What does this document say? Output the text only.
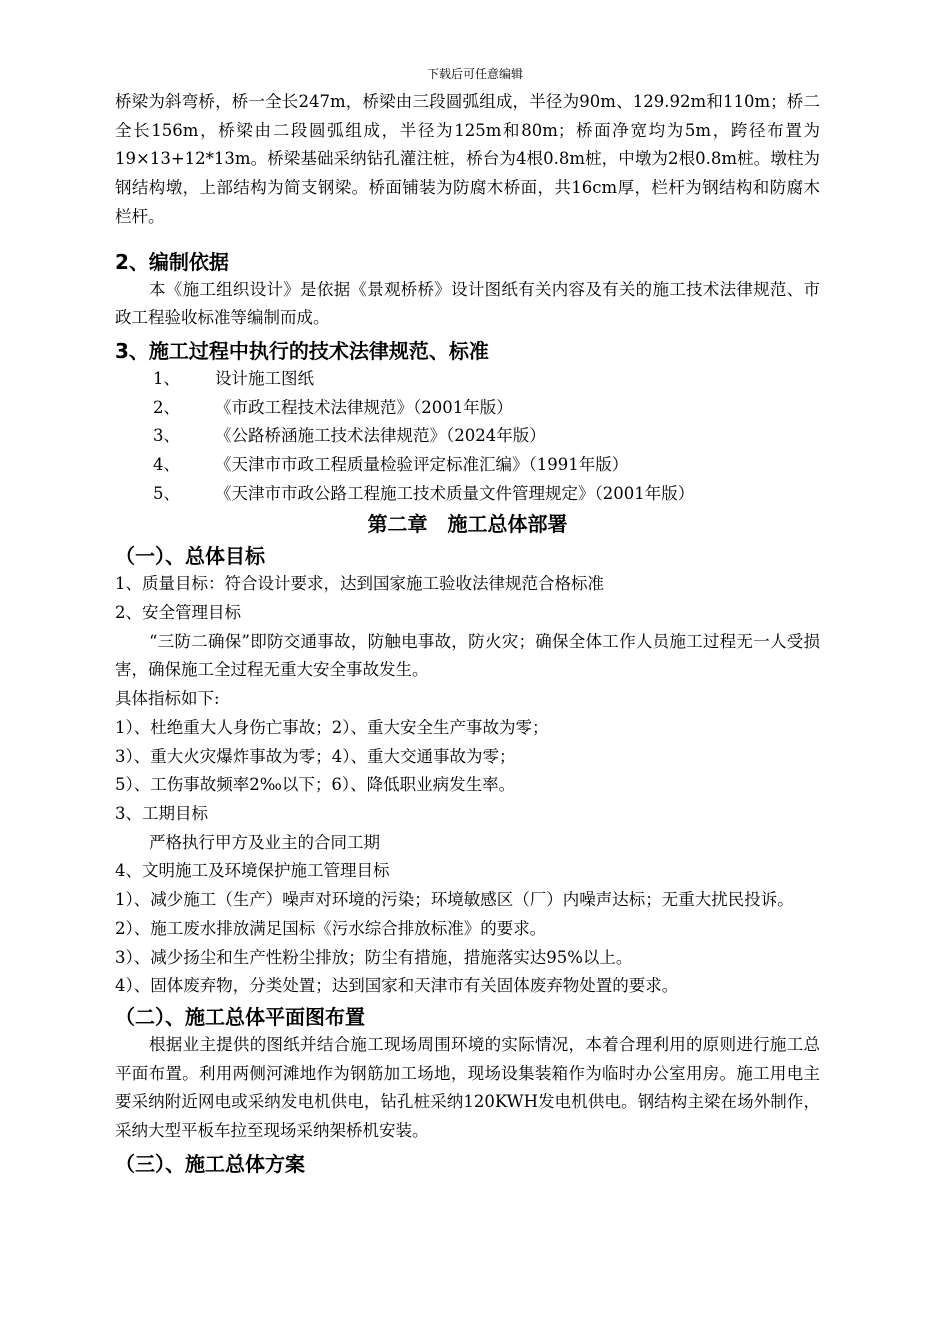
下载后可任意编辑

桥梁为斜弯桥，桥一全长247m，桥梁由三段圆弧组成，半径为90m、129.92m和110m；桥二全长156m，桥梁由二段圆弧组成，半径为125m和80m；桥面净宽均为5m，跨径布置为19×13+12*13m。桥梁基础采纳钻孔灌注桩，桥台为4根0.8m桩，中墩为2根0.8m桩。墩柱为钢结构墩，上部结构为简支钢梁。桥面铺装为防腐木桥面，共16cm厚，栏杆为钢结构和防腐木栏杆。

2、编制依据

本《施工组织设计》是依据《景观桥桥》设计图纸有关内容及有关的施工技术法律规范、市政工程验收标准等编制而成。

3、施工过程中执行的技术法律规范、标准

1、 设计施工图纸
2、 《市政工程技术法律规范》（2001年版）
3、 《公路桥涵施工技术法律规范》（2024年版）
4、 《天津市市政工程质量检验评定标准汇编》（1991年版）
5、 《天津市市政公路工程施工技术质量文件管理规定》（2001年版）

第二章　施工总体部署

（一）、总体目标

1、质量目标：符合设计要求，达到国家施工验收法律规范合格标准

2、安全管理目标

“三防二确保”即防交通事故，防触电事故，防火灾；确保全体工作人员施工过程无一人受损害，确保施工全过程无重大安全事故发生。

具体指标如下:

1）、杜绝重大人身伤亡事故；2）、重大安全生产事故为零；

3）、重大火灾爆炸事故为零；4）、重大交通事故为零；

5）、工伤事故频率2‰以下；6）、降低职业病发生率。

3、工期目标

严格执行甲方及业主的合同工期

4、文明施工及环境保护施工管理目标

1）、减少施工（生产）噪声对环境的污染；环境敏感区（厂）内噪声达标；无重大扰民投诉。

2）、施工废水排放满足国标《污水综合排放标准》的要求。

3）、减少扬尘和生产性粉尘排放；防尘有措施，措施落实达95%以上。

4）、固体废弃物，分类处置；达到国家和天津市有关固体废弃物处置的要求。

（二）、施工总体平面图布置

根据业主提供的图纸并结合施工现场周围环境的实际情况，本着合理利用的原则进行施工总平面布置。利用两侧河滩地作为钢筋加工场地，现场设集装箱作为临时办公室用房。施工用电主要采纳附近网电或采纳发电机供电，钻孔桩采纳120KWH发电机供电。钢结构主梁在场外制作，采纳大型平板车拉至现场采纳架桥机安装。

（三）、施工总体方案
